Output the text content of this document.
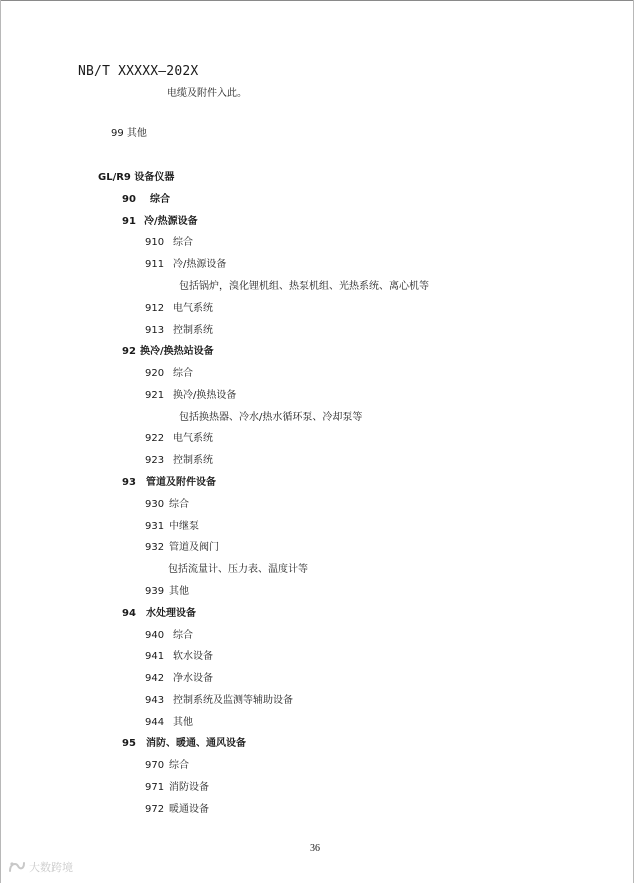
NB/T XXXXX—202X
电缆及附件入此。
99 其他
GL/R9 设备仪器
90 综合
91 冷/热源设备
910 综合
911 冷/热源设备
包括锅炉，溴化锂机组、热泵机组、光热系统、离心机等
912 电气系统
913 控制系统
92 换冷/换热站设备
920 综合
921 换冷/换热设备
包括换热器、冷水/热水循环泵、冷却泵等
922 电气系统
923 控制系统
93 管道及附件设备
930 综合
931 中继泵
932 管道及阀门
包括流量计、压力表、温度计等
939 其他
94 水处理设备
940 综合
941 软水设备
942 净水设备
943 控制系统及监测等辅助设备
944 其他
95 消防、暖通、通风设备
971 消防设备
970 综合
972 暖通设备
36
大数跨境
